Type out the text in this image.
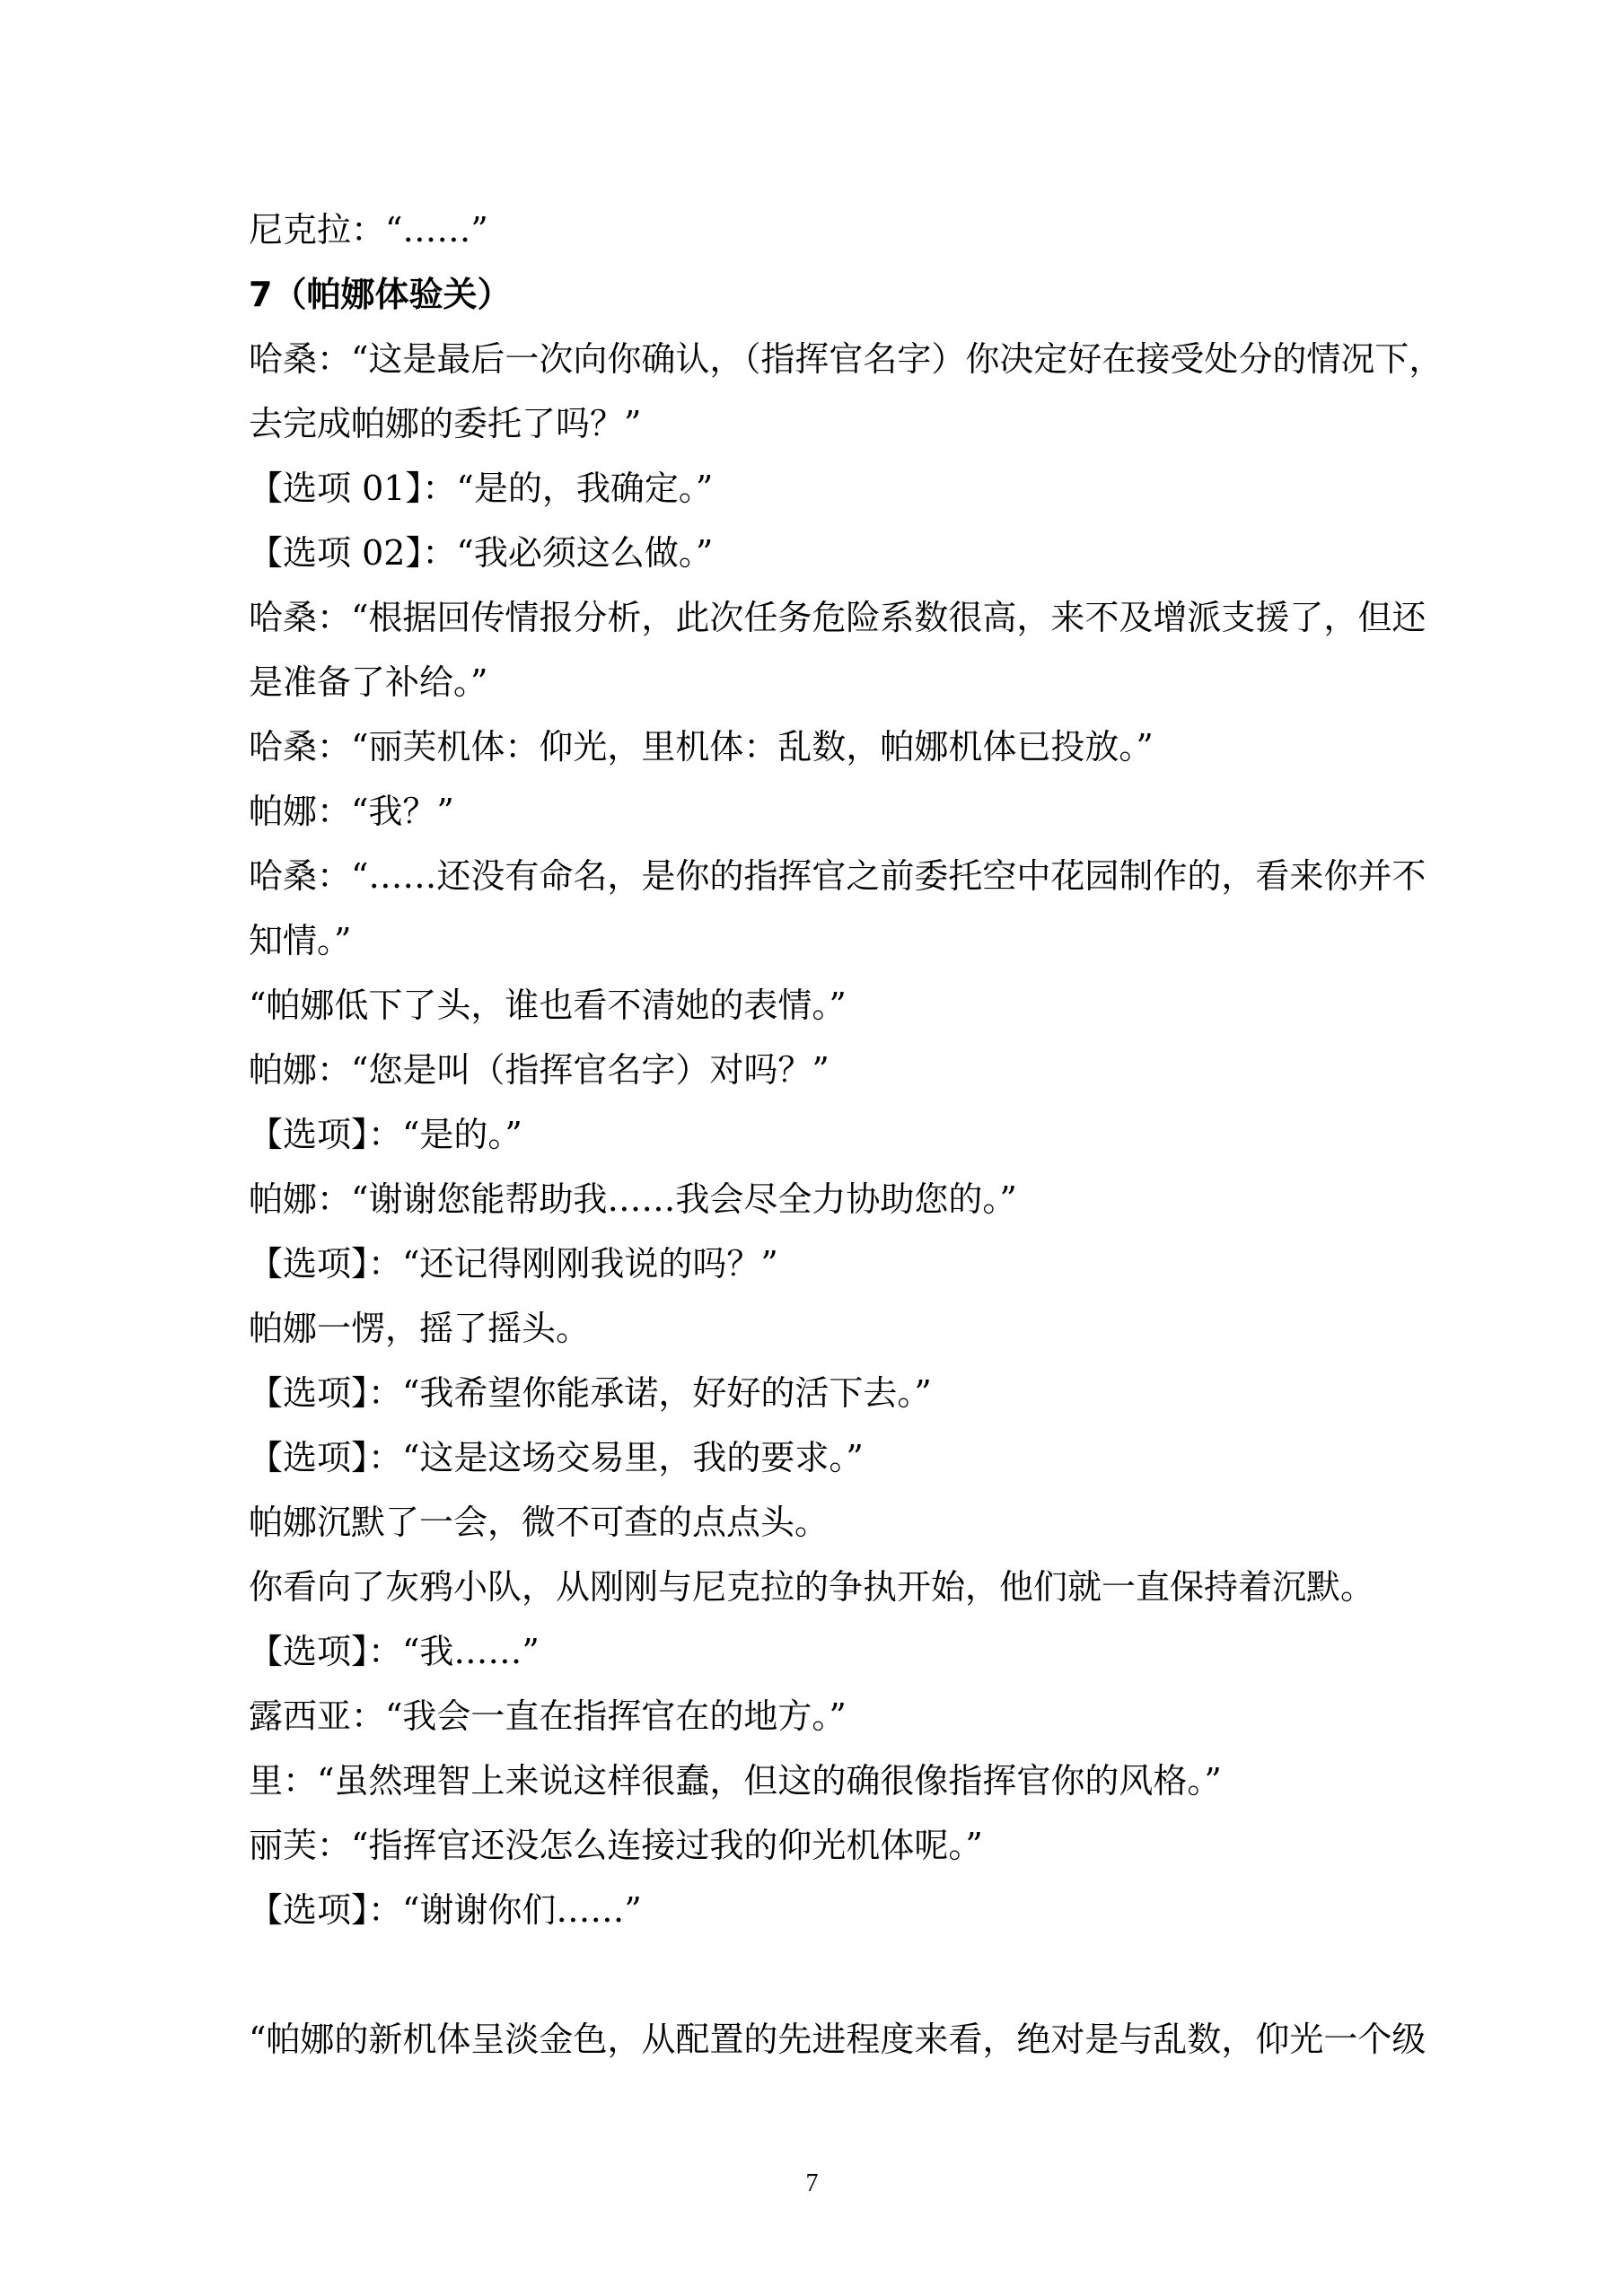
尼克拉：“……”
7（帕娜体验关）
哈桑：“这是最后一次向你确认，（指挥官名字）你决定好在接受处分的情况下，
去完成帕娜的委托了吗？”
【选项 01】：“是的，我确定。”
【选项 02】：“我必须这么做。”
哈桑：“根据回传情报分析，此次任务危险系数很高，来不及增派支援了，但还
是准备了补给。”
哈桑：“丽芙机体：仰光，里机体：乱数，帕娜机体已投放。”
帕娜：“我？”
哈桑：“……还没有命名，是你的指挥官之前委托空中花园制作的，看来你并不
知情。”
“帕娜低下了头，谁也看不清她的表情。”
帕娜：“您是叫（指挥官名字）对吗？”
【选项】：“是的。”
帕娜：“谢谢您能帮助我……我会尽全力协助您的。”
【选项】：“还记得刚刚我说的吗？”
帕娜一愣，摇了摇头。
【选项】：“我希望你能承诺，好好的活下去。”
【选项】：“这是这场交易里，我的要求。”
帕娜沉默了一会，微不可查的点点头。
你看向了灰鸦小队，从刚刚与尼克拉的争执开始，他们就一直保持着沉默。
【选项】：“我……”
露西亚：“我会一直在指挥官在的地方。”
里：“虽然理智上来说这样很蠢，但这的确很像指挥官你的风格。”
丽芙：“指挥官还没怎么连接过我的仰光机体呢。”
【选项】：“谢谢你们……”
“帕娜的新机体呈淡金色，从配置的先进程度来看，绝对是与乱数，仰光一个级
7
